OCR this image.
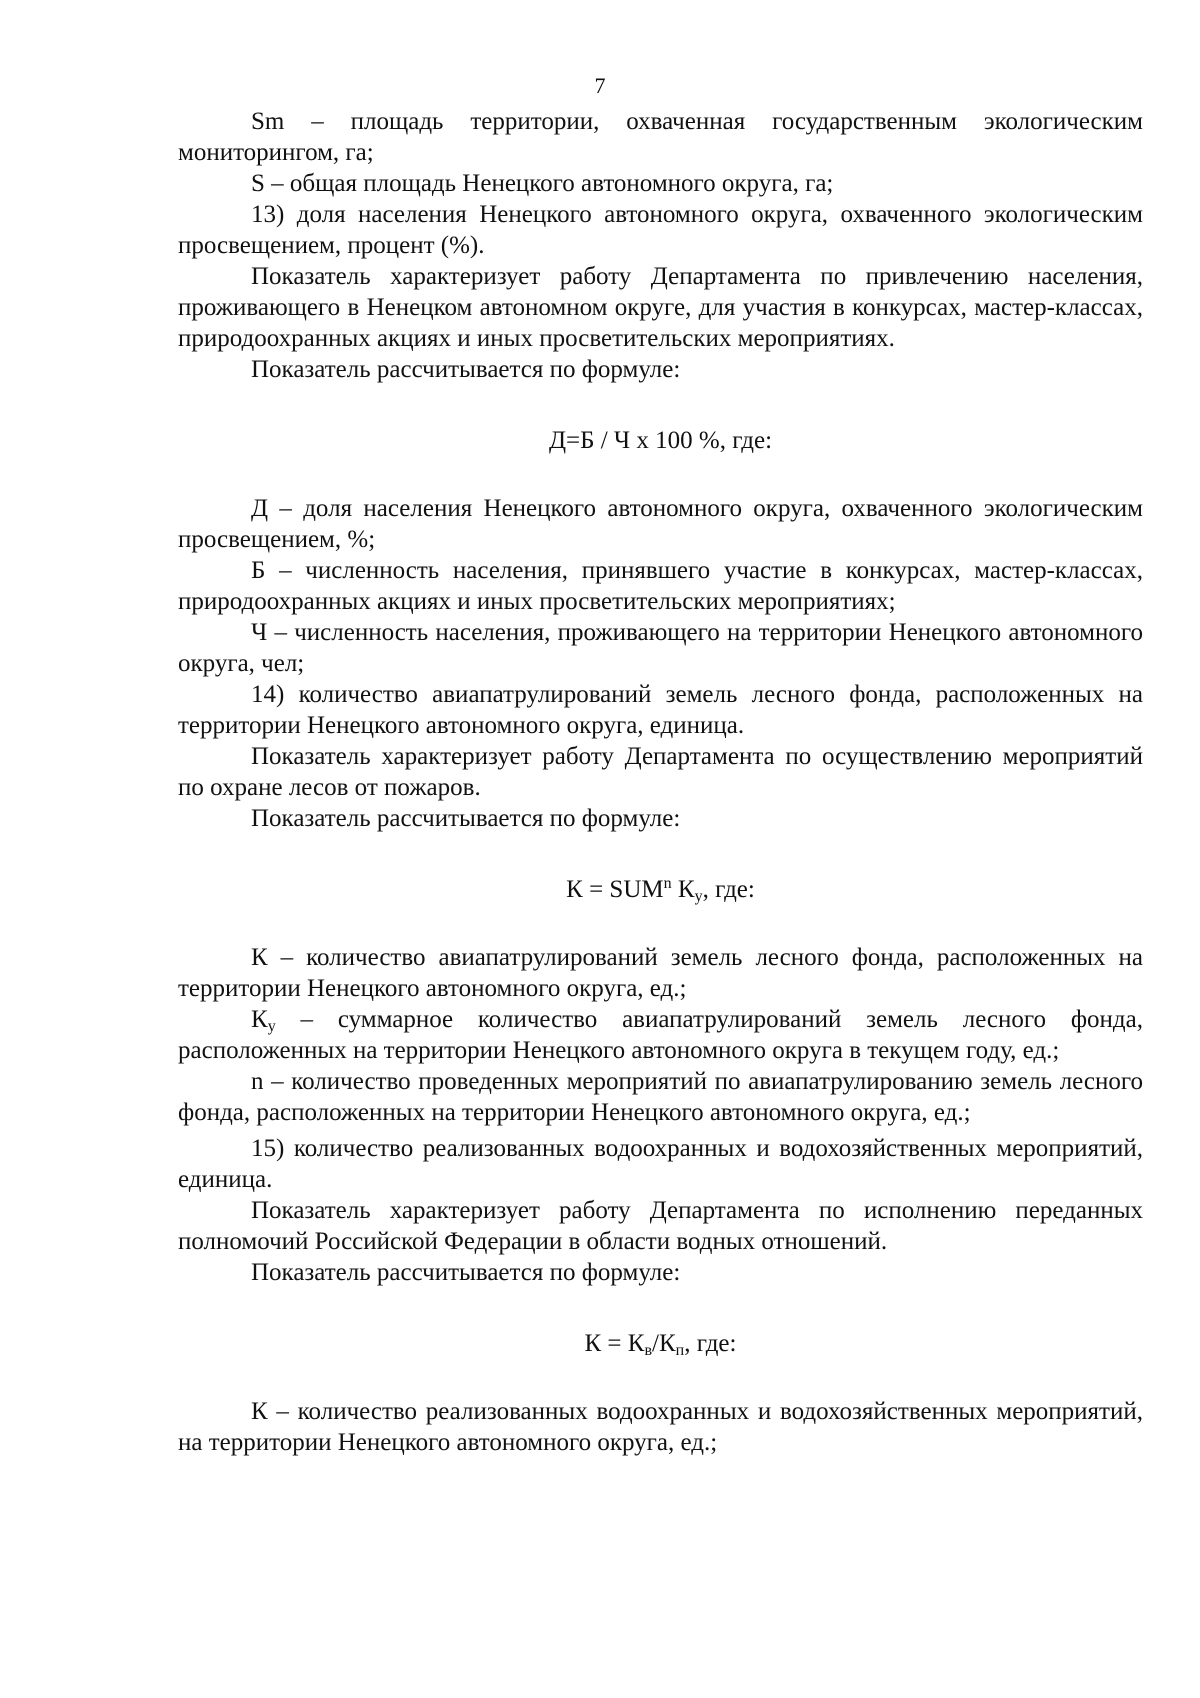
7

Sm – площадь территории, охваченная государственным экологическим мониторингом, га;

S – общая площадь Ненецкого автономного округа, га;

13) доля населения Ненецкого автономного округа, охваченного экологическим просвещением, процент (%).

Показатель характеризует работу Департамента по привлечению населения, проживающего в Ненецком автономном округе, для участия в конкурсах, мастер-классах, природоохранных акциях и иных просветительских мероприятиях.

Показатель рассчитывается по формуле:

Д=Б / Ч х 100 %, где:

Д – доля населения Ненецкого автономного округа, охваченного экологическим просвещением, %;

Б – численность населения, принявшего участие в конкурсах, мастер-классах, природоохранных акциях и иных просветительских мероприятиях;

Ч – численность населения, проживающего на территории Ненецкого автономного округа, чел;

14) количество авиапатрулирований земель лесного фонда, расположенных на территории Ненецкого автономного округа, единица.

Показатель характеризует работу Департамента по осуществлению мероприятий по охране лесов от пожаров.

Показатель рассчитывается по формуле:

$К = SUM^n$ $К_у$, где:

К – количество авиапатрулирований земель лесного фонда, расположенных на территории Ненецкого автономного округа, ед.;

$К_у$ – суммарное количество авиапатрулирований земель лесного фонда, расположенных на территории Ненецкого автономного округа в текущем году, ед.;

n – количество проведенных мероприятий по авиапатрулированию земель лесного фонда, расположенных на территории Ненецкого автономного округа, ед.;

15) количество реализованных водоохранных и водохозяйственных мероприятий, единица.

Показатель характеризует работу Департамента по исполнению переданных полномочий Российской Федерации в области водных отношений.

Показатель рассчитывается по формуле:

$К = К_в/К_п$, где:

К – количество реализованных водоохранных и водохозяйственных мероприятий, на территории Ненецкого автономного округа, ед.;
